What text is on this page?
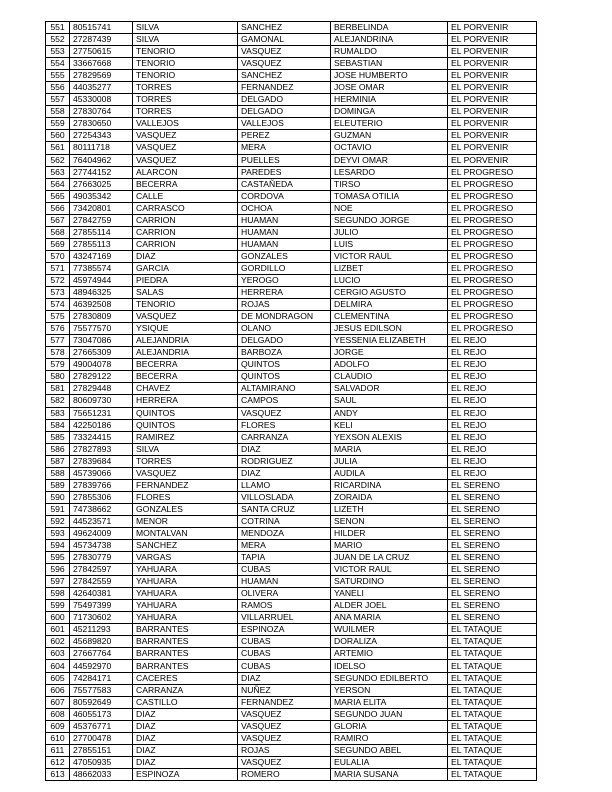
551	80515741	SILVA	SANCHEZ	BERBELINDA	EL PORVENIR
552	27287439	SILVA	GAMONAL	ALEJANDRINA	EL PORVENIR
553	27750615	TENORIO	VASQUEZ	RUMALDO	EL PORVENIR
554	33667668	TENORIO	VASQUEZ	SEBASTIAN	EL PORVENIR
555	27829569	TENORIO	SANCHEZ	JOSE HUMBERTO	EL PORVENIR
556	44035277	TORRES	FERNANDEZ	JOSE OMAR	EL PORVENIR
557	45330008	TORRES	DELGADO	HERMINIA	EL PORVENIR
558	27830764	TORRES	DELGADO	DOMINGA	EL PORVENIR
559	27830650	VALLEJOS	VALLEJOS	ELEUTERIO	EL PORVENIR
560	27254343	VASQUEZ	PEREZ	GUZMAN	EL PORVENIR
561	80111718	VASQUEZ	MERA	OCTAVIO	EL PORVENIR
562	76404962	VASQUEZ	PUELLES	DEYVI OMAR	EL PORVENIR
563	27744152	ALARCON	PAREDES	LESARDO	EL PROGRESO
564	27663025	BECERRA	CASTAÑEDA	TIRSO	EL PROGRESO
565	49035342	CALLE	CORDOVA	TOMASA OTILIA	EL PROGRESO
566	73420801	CARRASCO	OCHOA	NOE	EL PROGRESO
567	27842759	CARRION	HUAMAN	SEGUNDO JORGE	EL PROGRESO
568	27855114	CARRION	HUAMAN	JULIO	EL PROGRESO
569	27855113	CARRION	HUAMAN	LUIS	EL PROGRESO
570	43247169	DIAZ	GONZALES	VICTOR RAUL	EL PROGRESO
571	77385574	GARCIA	GORDILLO	LIZBET	EL PROGRESO
572	45974944	PIEDRA	YEROGO	LUCIO	EL PROGRESO
573	48946325	SALAS	HERRERA	CERGIO AGUSTO	EL PROGRESO
574	46392508	TENORIO	ROJAS	DELMIRA	EL PROGRESO
575	27830809	VASQUEZ	DE MONDRAGON	CLEMENTINA	EL PROGRESO
576	75577570	YSIQUE	OLANO	JESUS EDILSON	EL PROGRESO
577	73047086	ALEJANDRIA	DELGADO	YESSENIA ELIZABETH	EL REJO
578	27665309	ALEJANDRIA	BARBOZA	JORGE	EL REJO
579	49004078	BECERRA	QUINTOS	ADOLFO	EL REJO
580	27829122	BECERRA	QUINTOS	CLAUDIO	EL REJO
581	27829448	CHAVEZ	ALTAMIRANO	SALVADOR	EL REJO
582	80609730	HERRERA	CAMPOS	SAUL	EL REJO
583	75651231	QUINTOS	VASQUEZ	ANDY	EL REJO
584	42250186	QUINTOS	FLORES	KELI	EL REJO
585	73324415	RAMIREZ	CARRANZA	YEXSON ALEXIS	EL REJO
586	27827893	SILVA	DIAZ	MARIA	EL REJO
587	27839684	TORRES	RODRIGUEZ	JULIA	EL REJO
588	45739066	VASQUEZ	DIAZ	AUDILA	EL REJO
589	27839766	FERNANDEZ	LLAMO	RICARDINA	EL SERENO
590	27855306	FLORES	VILLOSLADA	ZORAIDA	EL SERENO
591	74738662	GONZALES	SANTA CRUZ	LIZETH	EL SERENO
592	44523571	MENOR	COTRINA	SENON	EL SERENO
593	49624009	MONTALVAN	MENDOZA	HILDER	EL SERENO
594	45734738	SANCHEZ	MERA	MARIO	EL SERENO
595	27830779	VARGAS	TAPIA	JUAN DE LA CRUZ	EL SERENO
596	27842597	YAHUARA	CUBAS	VICTOR RAUL	EL SERENO
597	27842559	YAHUARA	HUAMAN	SATURDINO	EL SERENO
598	42640381	YAHUARA	OLIVERA	YANELI	EL SERENO
599	75497399	YAHUARA	RAMOS	ALDER JOEL	EL SERENO
600	71730602	YAHUARA	VILLARRUEL	ANA MARIA	EL SERENO
601	45211293	BARRANTES	ESPINOZA	WUILMER	EL TATAQUE
602	45689820	BARRANTES	CUBAS	DORALIZA	EL TATAQUE
603	27667764	BARRANTES	CUBAS	ARTEMIO	EL TATAQUE
604	44592970	BARRANTES	CUBAS	IDELSO	EL TATAQUE
605	74284171	CACERES	DIAZ	SEGUNDO EDILBERTO	EL TATAQUE
606	75577583	CARRANZA	NUÑEZ	YERSON	EL TATAQUE
607	80592649	CASTILLO	FERNANDEZ	MARIA ELITA	EL TATAQUE
608	46055173	DIAZ	VASQUEZ	SEGUNDO JUAN	EL TATAQUE
609	45376771	DIAZ	VASQUEZ	GLORIA	EL TATAQUE
610	27700478	DIAZ	VASQUEZ	RAMIRO	EL TATAQUE
611	27855151	DIAZ	ROJAS	SEGUNDO ABEL	EL TATAQUE
612	47050935	DIAZ	VASQUEZ	EULALIA	EL TATAQUE
613	48662033	ESPINOZA	ROMERO	MARIA SUSANA	EL TATAQUE
